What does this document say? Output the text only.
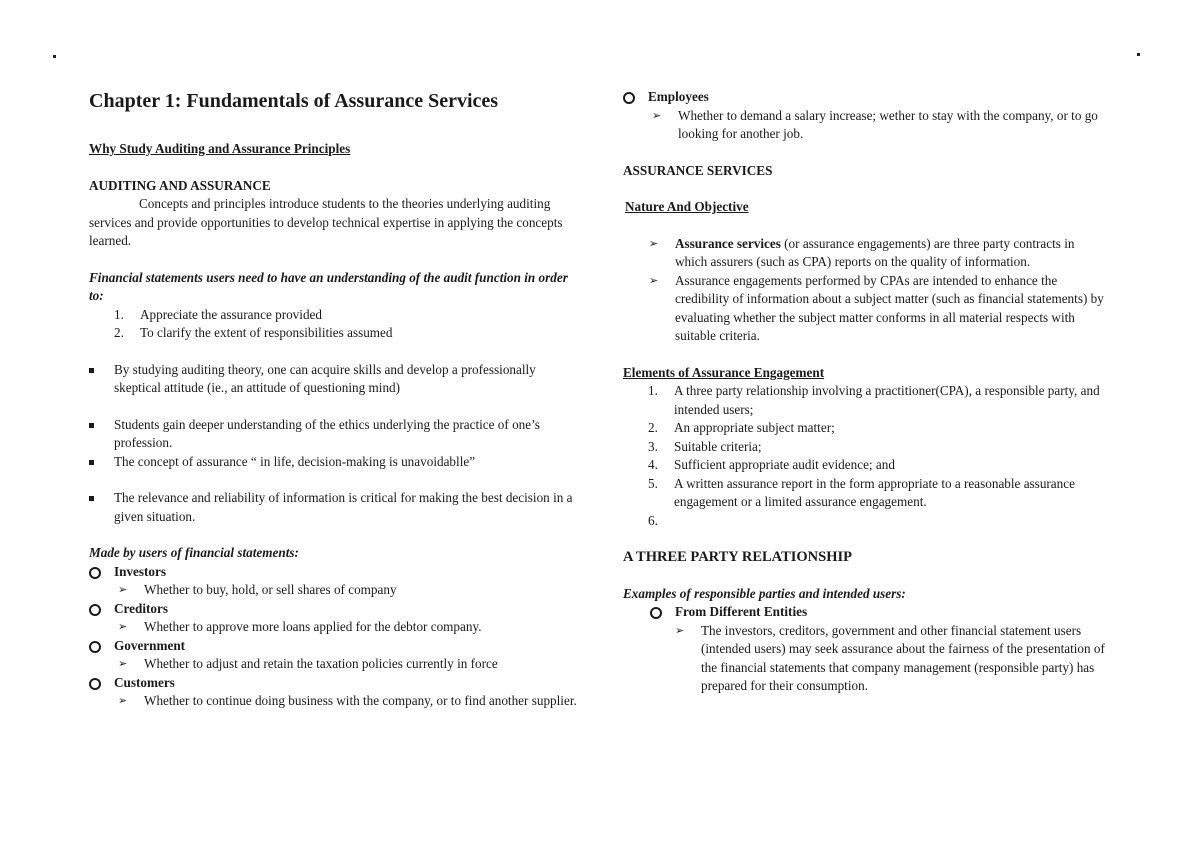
Chapter 1: Fundamentals of Assurance Services
Why Study Auditing and Assurance Principles
AUDITING AND ASSURANCE
Concepts and principles introduce students to the theories underlying auditing services and provide opportunities to develop technical expertise in applying the concepts learned.
Financial statements users need to have an understanding of the audit function in order to:
1. Appreciate the assurance provided
2. To clarify the extent of responsibilities assumed
By studying auditing theory, one can acquire skills and develop a professionally skeptical attitude (ie., an attitude of questioning mind)
Students gain deeper understanding of the ethics underlying the practice of one’s profession.
The concept of assurance “ in life, decision-making is unavoidablle”
The relevance and reliability of information is critical for making the best decision in a given situation.
Made by users of financial statements:
Investors
➢ Whether to buy, hold, or sell shares of company
Creditors
➢ Whether to approve more loans applied for the debtor company.
Government
➢ Whether to adjust and retain the taxation policies currently in force
Customers
➢ Whether to continue doing business with the company, or to find another supplier.
Employees
➢ Whether to demand a salary increase; wether to stay with the company, or to go looking for another job.
ASSURANCE SERVICES
Nature And Objective
➢ Assurance services (or assurance engagements) are three party contracts in which assurers (such as CPA) reports on the quality of information.
➢ Assurance engagements performed by CPAs are intended to enhance the credibility of information about a subject matter (such as financial statements) by evaluating whether the subject matter conforms in all material respects with suitable criteria.
Elements of Assurance Engagement
1. A three party relationship involving a practitioner(CPA), a responsible party, and intended users;
2. An appropriate subject matter;
3. Suitable criteria;
4. Sufficient appropriate audit evidence; and
5. A written assurance report in the form appropriate to a reasonable assurance engagement or a limited assurance engagement.
6.
A THREE PARTY RELATIONSHIP
Examples of responsible parties and intended users:
From Different Entities
➢ The investors, creditors, government and other financial statement users (intended users) may seek assurance about the fairness of the presentation of the financial statements that company management (responsible party) has prepared for their consumption.
